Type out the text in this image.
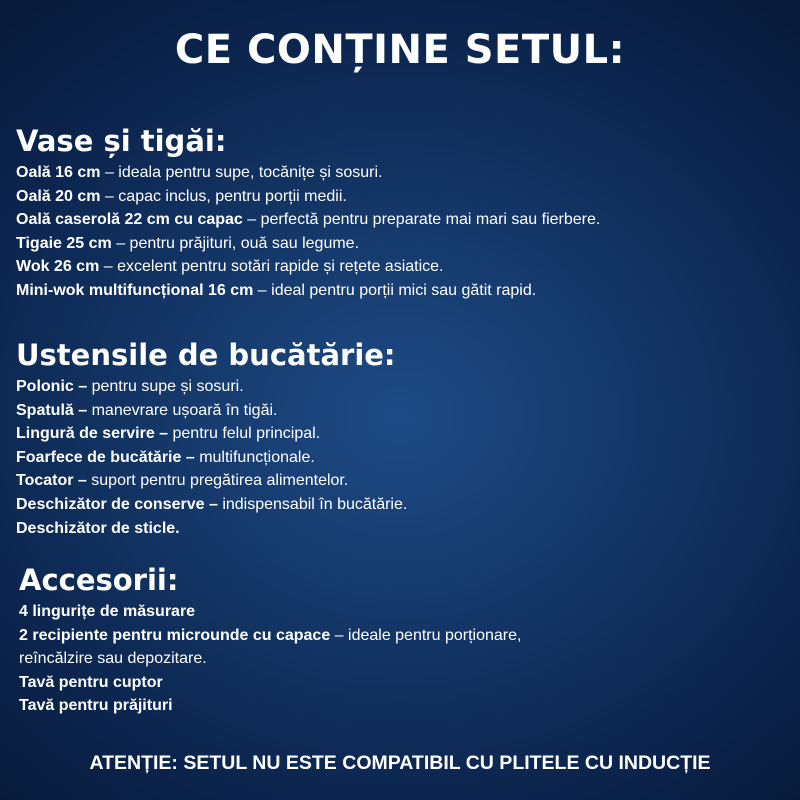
CE CONȚINE SETUL:
Vase și tigăi:
Oală 16 cm – ideala pentru supe, tocănițe și sosuri.
Oală 20 cm – capac inclus, pentru porții medii.
Oală caserolă 22 cm cu capac – perfectă pentru preparate mai mari sau fierbere.
Tigaie 25 cm – pentru prăjituri, ouă sau legume.
Wok 26 cm – excelent pentru sotări rapide și rețete asiatice.
Mini-wok multifuncțional 16 cm – ideal pentru porții mici sau gătit rapid.
Ustensile de bucătărie:
Polonic – pentru supe și sosuri.
Spatulă – manevrare ușoară în tigăi.
Lingură de servire – pentru felul principal.
Foarfece de bucătărie – multifuncționale.
Tocator – suport pentru pregătirea alimentelor.
Deschizător de conserve – indispensabil în bucătărie.
Deschizător de sticle.
Accesorii:
4 lingurițe de măsurare
2 recipiente pentru microunde cu capace – ideale pentru porționare, reîncălzire sau depozitare.
Tavă pentru cuptor
Tavă pentru prăjituri

ATENȚIE: SETUL NU ESTE COMPATIBIL CU PLITELE CU INDUCȚIE
